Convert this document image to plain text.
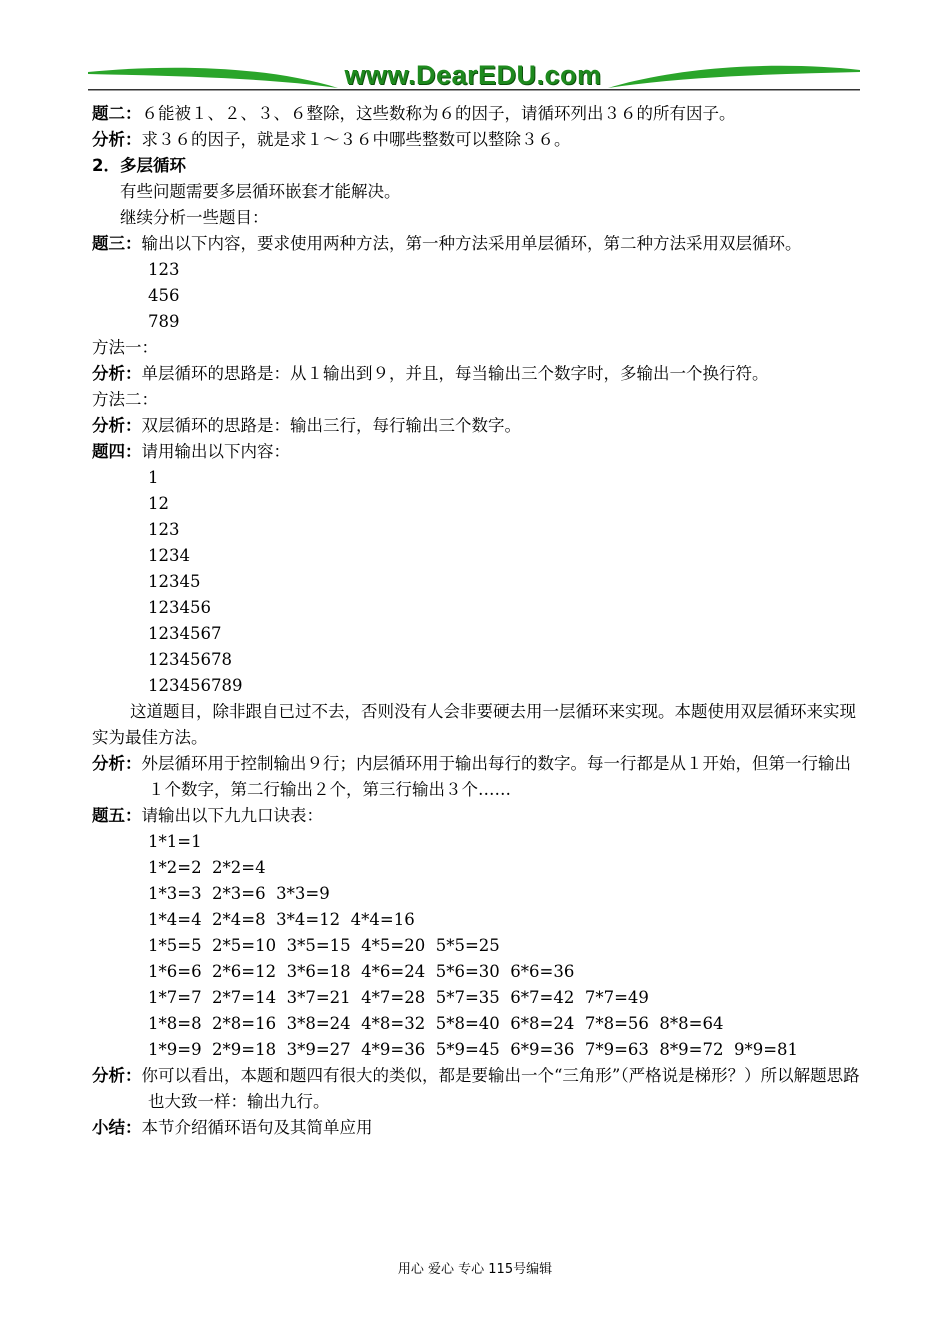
www.DearEDU.com
题二：６能被１、２、３、６整除，这些数称为６的因子，请循环列出３６的所有因子。
分析：求３６的因子，就是求１～３６中哪些整数可以整除３６。
2．多层循环
有些问题需要多层循环嵌套才能解决。
继续分析一些题目：
题三：输出以下内容，要求使用两种方法，第一种方法采用单层循环，第二种方法采用双层循环。
123
456
789
方法一：
分析：单层循环的思路是：从１输出到９，并且，每当输出三个数字时，多输出一个换行符。
方法二：
分析：双层循环的思路是：输出三行，每行输出三个数字。
题四：请用输出以下内容：
1
12
123
1234
12345
123456
1234567
12345678
123456789
这道题目，除非跟自已过不去，否则没有人会非要硬去用一层循环来实现。本题使用双层循环来实现实为最佳方法。
分析：外层循环用于控制输出９行；内层循环用于输出每行的数字。每一行都是从１开始，但第一行输出１个数字，第二行输出２个，第三行输出３个……
题五：请输出以下九九口诀表：
1*1=1
1*2=2  2*2=4
1*3=3  2*3=6  3*3=9
1*4=4  2*4=8  3*4=12  4*4=16
1*5=5  2*5=10  3*5=15  4*5=20  5*5=25
1*6=6  2*6=12  3*6=18  4*6=24  5*6=30  6*6=36
1*7=7  2*7=14  3*7=21  4*7=28  5*7=35  6*7=42  7*7=49
1*8=8  2*8=16  3*8=24  4*8=32  5*8=40  6*8=24  7*8=56  8*8=64
1*9=9  2*9=18  3*9=27  4*9=36  5*9=45  6*9=36  7*9=63  8*9=72  9*9=81
分析：你可以看出，本题和题四有很大的类似，都是要输出一个“三角形”（严格说是梯形？）所以解题思路也大致一样：输出九行。
小结：本节介绍循环语句及其简单应用
用心 爱心 专心 115号编辑
